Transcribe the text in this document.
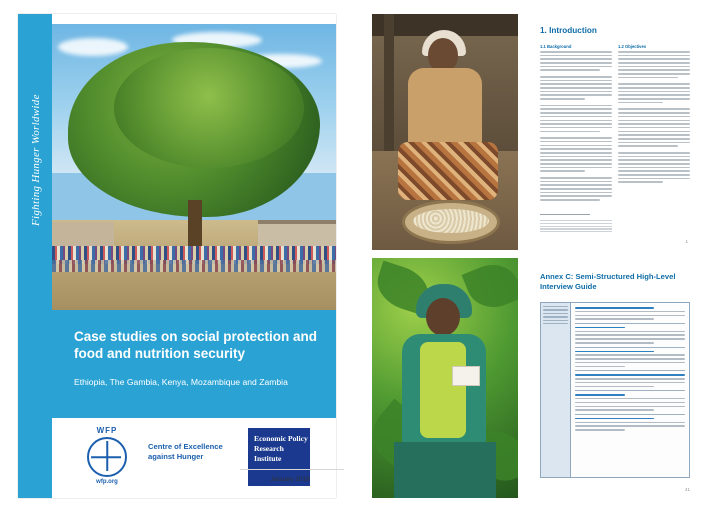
Fighting Hunger Worldwide
Case studies on social protection and food and nutrition security
Ethiopia, The Gambia, Kenya, Mozambique and Zambia
WFP
wfp.org
Centre of Excellence against Hunger
Economic Policy Research Institute
January 2018
1. Introduction
1.1 Background	1.2 Objectives
1
Annex C: Semi-Structured High-Level Interview Guide
41
